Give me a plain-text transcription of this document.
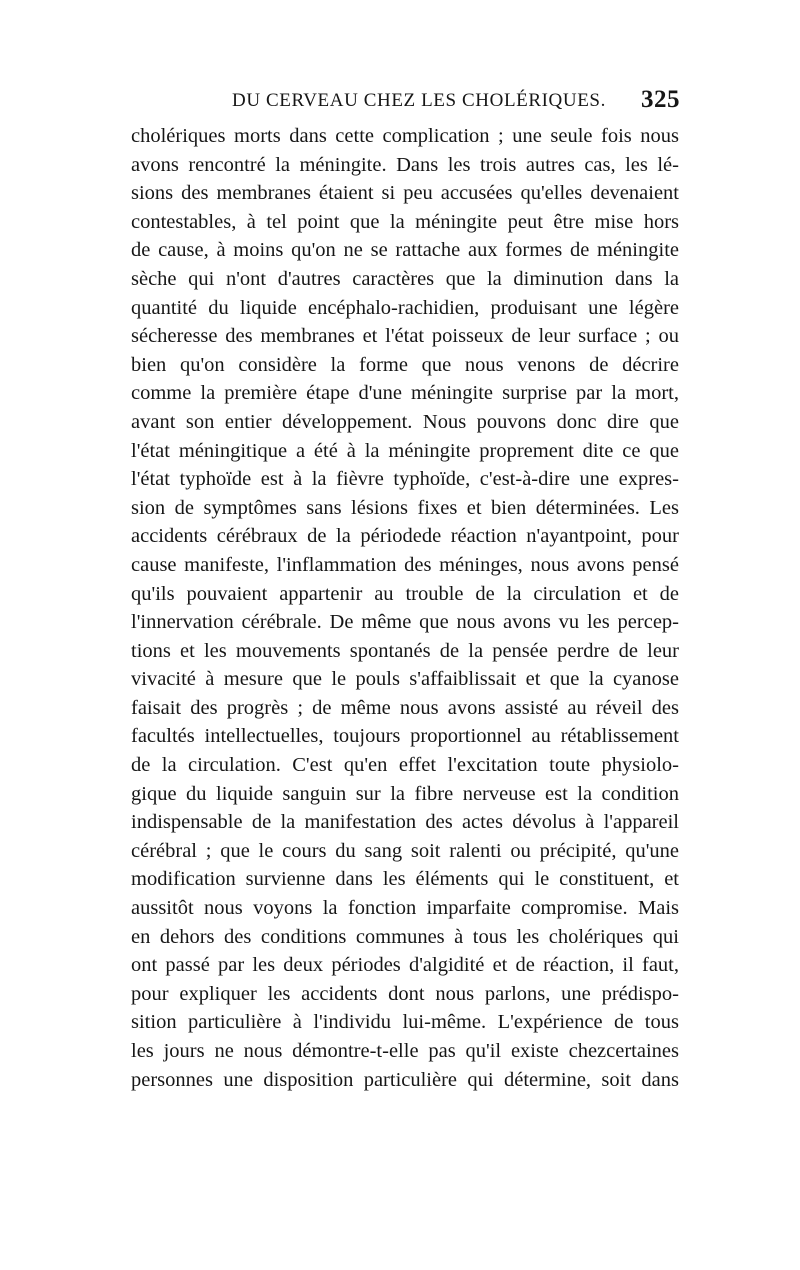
DU CERVEAU CHEZ LES CHOLÉRIQUES. 325
cholériques morts dans cette complication ; une seule fois nous
avons rencontré la méningite. Dans les trois autres cas, les lé-
sions des membranes étaient si peu accusées qu'elles devenaient
contestables, à tel point que la méningite peut être mise hors
de cause, à moins qu'on ne se rattache aux formes de méningite
sèche qui n'ont d'autres caractères que la diminution dans la
quantité du liquide encéphalo-rachidien, produisant une légère
sécheresse des membranes et l'état poisseux de leur surface ; ou
bien qu'on considère la forme que nous venons de décrire
comme la première étape d'une méningite surprise par la mort,
avant son entier développement. Nous pouvons donc dire que
l'état méningitique a été à la méningite proprement dite ce que
l'état typhoïde est à la fièvre typhoïde, c'est-à-dire une expres-
sion de symptômes sans lésions fixes et bien déterminées. Les
accidents cérébraux de la périodede réaction n'ayantpoint, pour
cause manifeste, l'inflammation des méninges, nous avons pensé
qu'ils pouvaient appartenir au trouble de la circulation et de
l'innervation cérébrale. De même que nous avons vu les percep-
tions et les mouvements spontanés de la pensée perdre de leur
vivacité à mesure que le pouls s'affaiblissait et que la cyanose
faisait des progrès ; de même nous avons assisté au réveil des
facultés intellectuelles, toujours proportionnel au rétablissement
de la circulation. C'est qu'en effet l'excitation toute physiolo-
gique du liquide sanguin sur la fibre nerveuse est la condition
indispensable de la manifestation des actes dévolus à l'appareil
cérébral ; que le cours du sang soit ralenti ou précipité, qu'une
modification survienne dans les éléments qui le constituent, et
aussitôt nous voyons la fonction imparfaite compromise. Mais
en dehors des conditions communes à tous les cholériques qui
ont passé par les deux périodes d'algidité et de réaction, il faut,
pour expliquer les accidents dont nous parlons, une prédispo-
sition particulière à l'individu lui-même. L'expérience de tous
les jours ne nous démontre-t-elle pas qu'il existe chezcertaines
personnes une disposition particulière qui détermine, soit dans
